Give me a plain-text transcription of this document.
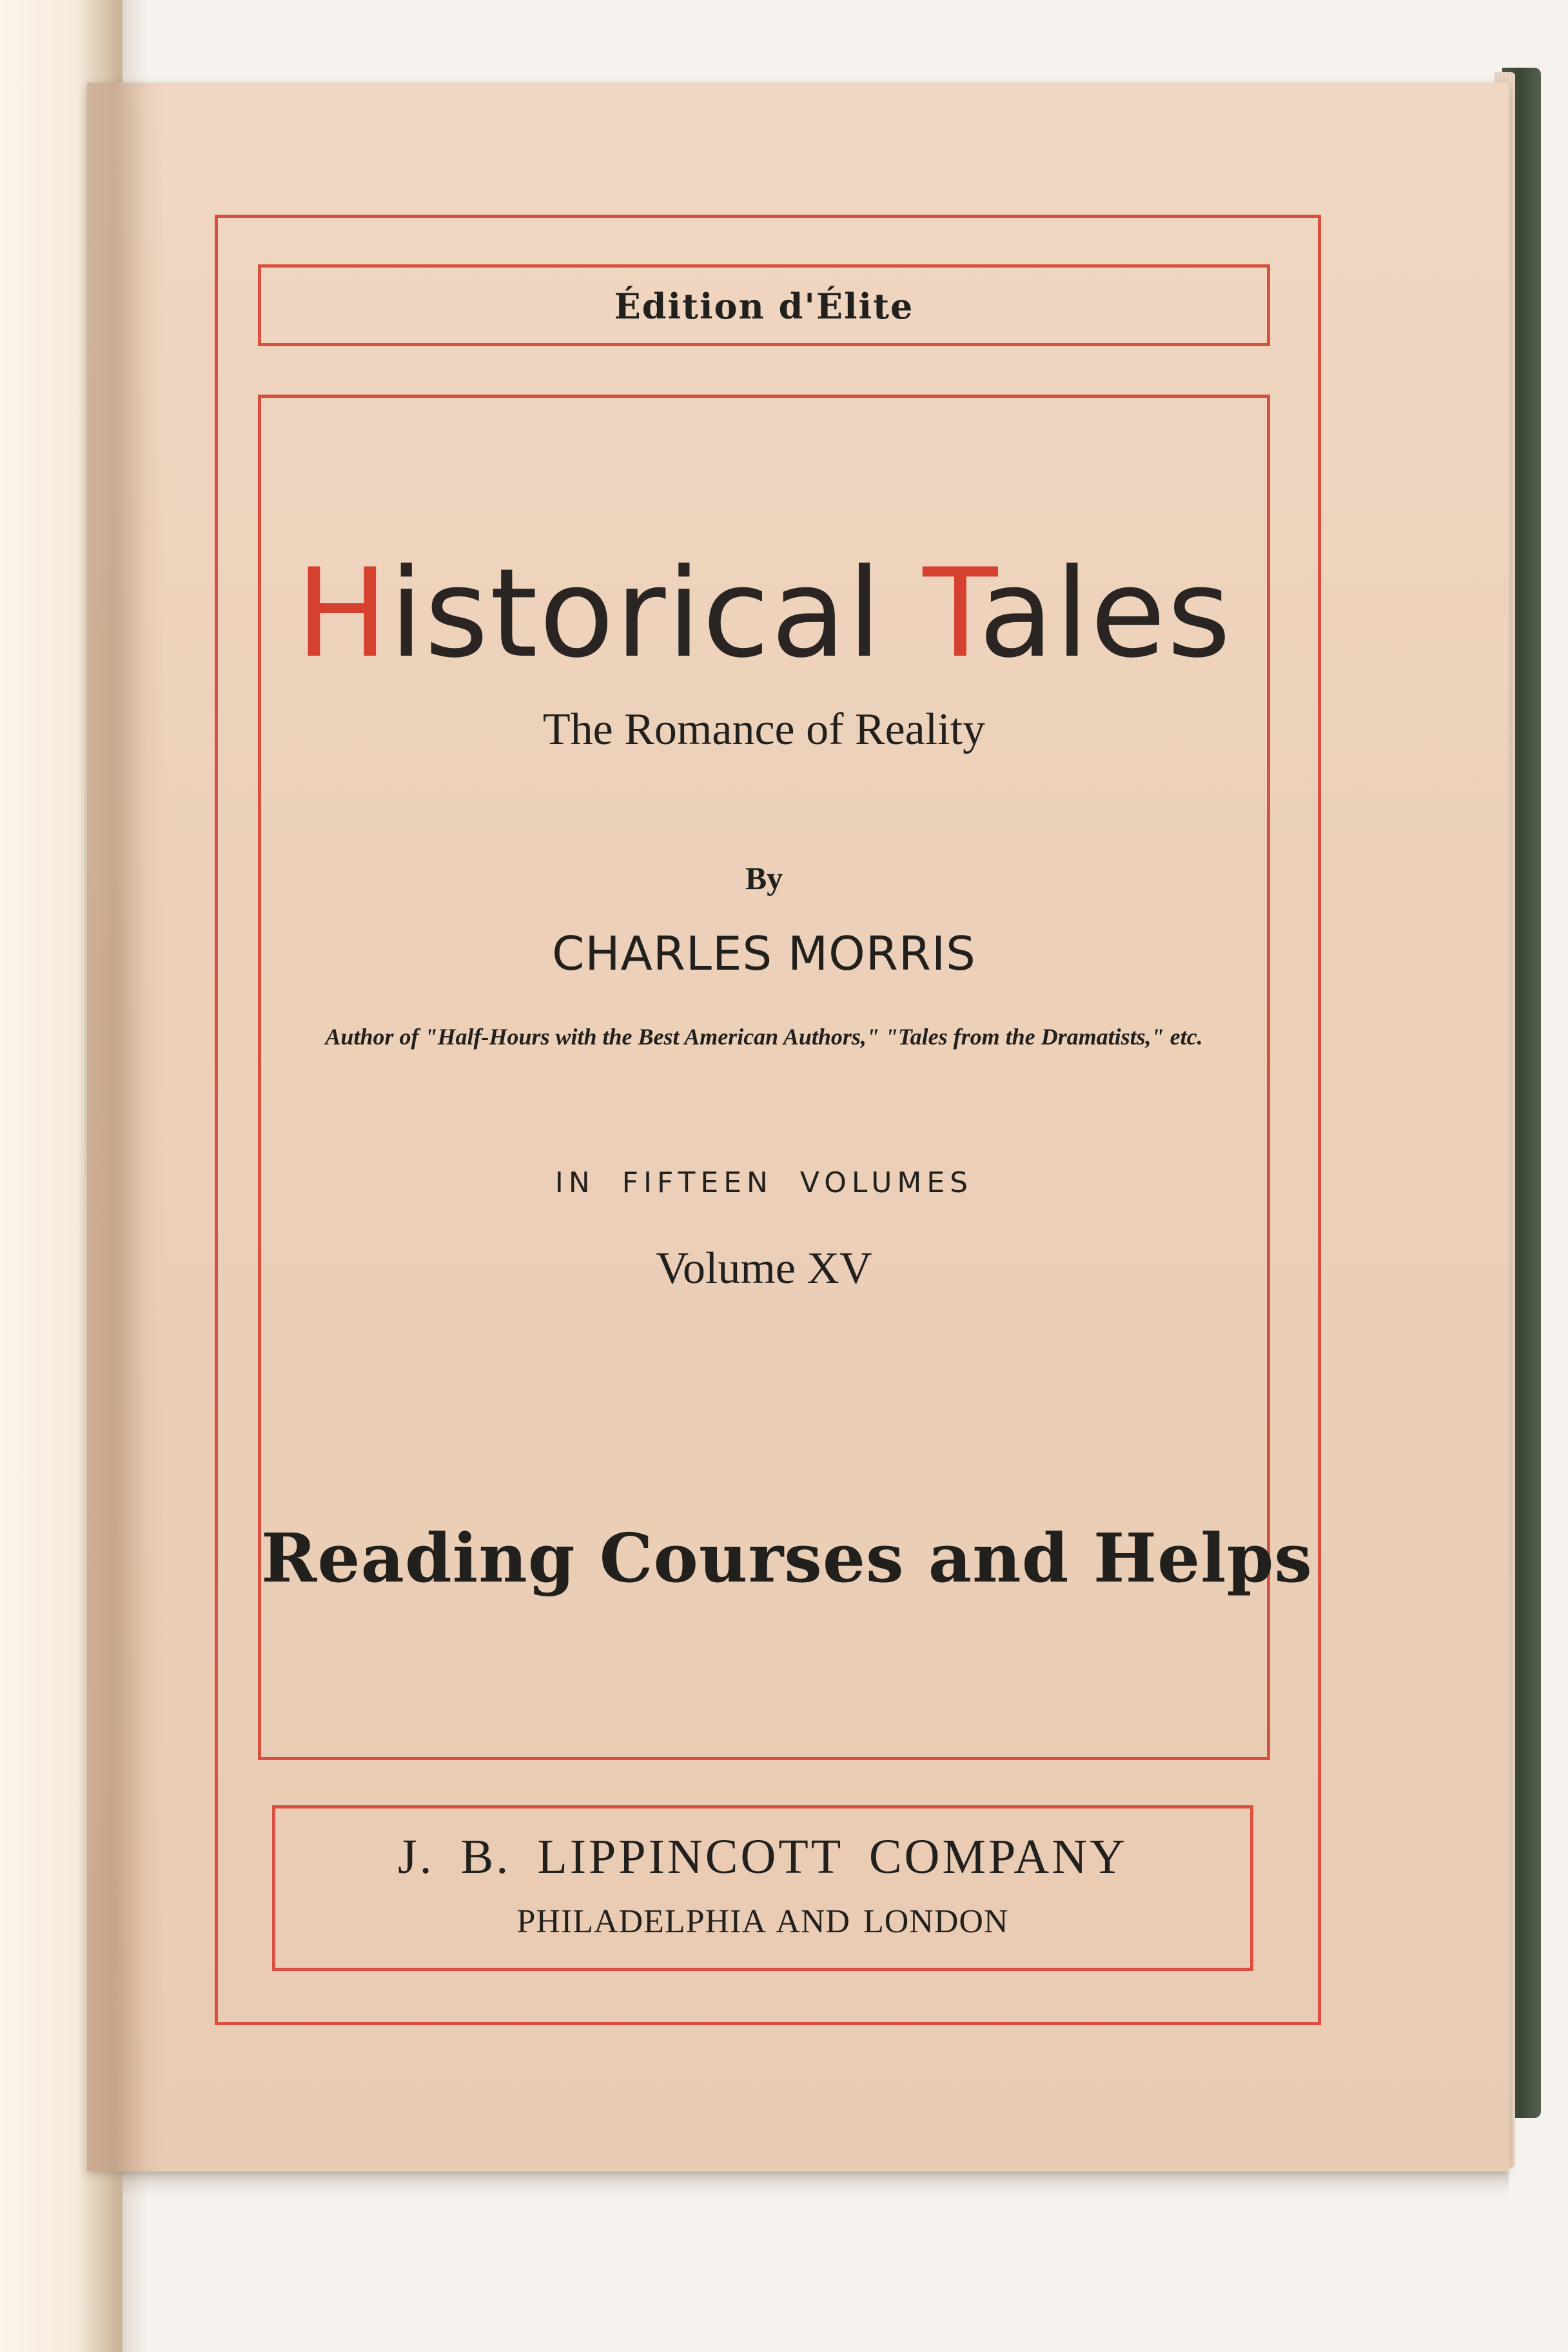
Édition d'Élite
Historical Tales
The Romance of Reality
By
CHARLES MORRIS
Author of "Half-Hours with the Best American Authors," "Tales from the Dramatists," etc.
IN FIFTEEN VOLUMES
Volume XV
Reading Courses and Helps
J. B. LIPPINCOTT COMPANY
PHILADELPHIA AND LONDON
